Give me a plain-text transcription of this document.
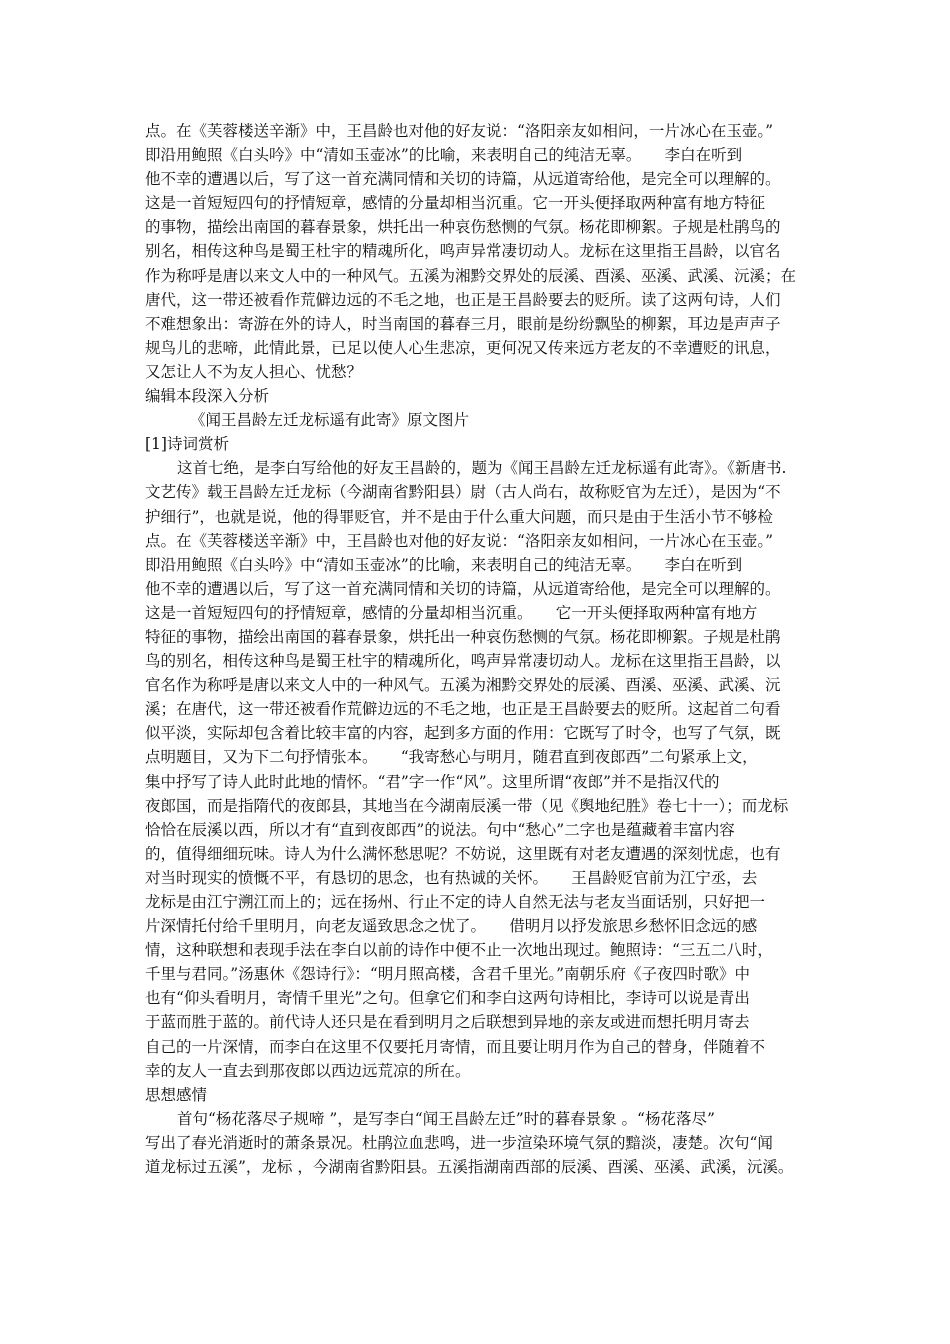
点。在《芙蓉楼送辛渐》中，王昌龄也对他的好友说：“洛阳亲友如相问，一片冰心在玉壶。”
即沿用鲍照《白头吟》中“清如玉壶冰”的比喻，来表明自己的纯洁无辜。　　李白在听到
他不幸的遭遇以后，写了这一首充满同情和关切的诗篇，从远道寄给他，是完全可以理解的。
这是一首短短四句的抒情短章，感情的分量却相当沉重。它一开头便择取两种富有地方特征
的事物，描绘出南国的暮春景象，烘托出一种哀伤愁恻的气氛。杨花即柳絮。子规是杜鹃鸟的
别名，相传这种鸟是蜀王杜宇的精魂所化，鸣声异常凄切动人。龙标在这里指王昌龄，以官名
作为称呼是唐以来文人中的一种风气。五溪为湘黔交界处的辰溪、酉溪、巫溪、武溪、沅溪；在
唐代，这一带还被看作荒僻边远的不毛之地，也正是王昌龄要去的贬所。读了这两句诗，人们
不难想象出：寄游在外的诗人，时当南国的暮春三月，眼前是纷纷飘坠的柳絮，耳边是声声子
规鸟儿的悲啼，此情此景，已足以使人心生悲凉，更何况又传来远方老友的不幸遭贬的讯息，
又怎让人不为友人担心、忧愁？
编辑本段深入分析
《闻王昌龄左迁龙标遥有此寄》原文图片
[1]诗词赏析
这首七绝，是李白写给他的好友王昌龄的，题为《闻王昌龄左迁龙标遥有此寄》。《新唐书.
文艺传》载王昌龄左迁龙标（今湖南省黔阳县）尉（古人尚右，故称贬官为左迁），是因为“不
护细行”，也就是说，他的得罪贬官，并不是由于什么重大问题，而只是由于生活小节不够检
点。在《芙蓉楼送辛渐》中，王昌龄也对他的好友说：“洛阳亲友如相问，一片冰心在玉壶。”
即沿用鲍照《白头吟》中“清如玉壶冰”的比喻，来表明自己的纯洁无辜。　　李白在听到
他不幸的遭遇以后，写了这一首充满同情和关切的诗篇，从远道寄给他，是完全可以理解的。
这是一首短短四句的抒情短章，感情的分量却相当沉重。　　它一开头便择取两种富有地方
特征的事物，描绘出南国的暮春景象，烘托出一种哀伤愁恻的气氛。杨花即柳絮。子规是杜鹃
鸟的别名，相传这种鸟是蜀王杜宇的精魂所化，鸣声异常凄切动人。龙标在这里指王昌龄，以
官名作为称呼是唐以来文人中的一种风气。五溪为湘黔交界处的辰溪、酉溪、巫溪、武溪、沅
溪；在唐代，这一带还被看作荒僻边远的不毛之地，也正是王昌龄要去的贬所。这起首二句看
似平淡，实际却包含着比较丰富的内容，起到多方面的作用：它既写了时令，也写了气氛，既
点明题目，又为下二句抒情张本。　　“我寄愁心与明月，随君直到夜郎西”二句紧承上文，
集中抒写了诗人此时此地的情怀。“君”字一作“风”。这里所谓“夜郎”并不是指汉代的
夜郎国，而是指隋代的夜郎县，其地当在今湖南辰溪一带（见《舆地纪胜》卷七十一）；而龙标
恰恰在辰溪以西，所以才有“直到夜郎西”的说法。句中“愁心”二字也是蕴藏着丰富内容
的，值得细细玩味。诗人为什么满怀愁思呢？不妨说，这里既有对老友遭遇的深刻忧虑，也有
对当时现实的愤慨不平，有恳切的思念，也有热诚的关怀。　　王昌龄贬官前为江宁丞，去
龙标是由江宁溯江而上的；远在扬州、行止不定的诗人自然无法与老友当面话别，只好把一
片深情托付给千里明月，向老友遥致思念之忧了。　　借明月以抒发旅思乡愁怀旧念远的感
情，这种联想和表现手法在李白以前的诗作中便不止一次地出现过。鲍照诗：“三五二八时，
千里与君同。”汤惠休《怨诗行》：“明月照高楼，含君千里光。”南朝乐府《子夜四时歌》中
也有“仰头看明月，寄情千里光”之句。但拿它们和李白这两句诗相比，李诗可以说是青出
于蓝而胜于蓝的。前代诗人还只是在看到明月之后联想到异地的亲友或进而想托明月寄去
自己的一片深情，而李白在这里不仅要托月寄情，而且要让明月作为自己的替身，伴随着不
幸的友人一直去到那夜郎以西边远荒凉的所在。
思想感情
首句“杨花落尽子规啼 ”，是写李白“闻王昌龄左迁”时的暮春景象 。“杨花落尽”
写出了春光消逝时的萧条景况。杜鹃泣血悲鸣，进一步渲染环境气氛的黯淡，凄楚。次句“闻
道龙标过五溪”，龙标 ，今湖南省黔阳县。五溪指湖南西部的辰溪、酉溪、巫溪、武溪，沅溪。
